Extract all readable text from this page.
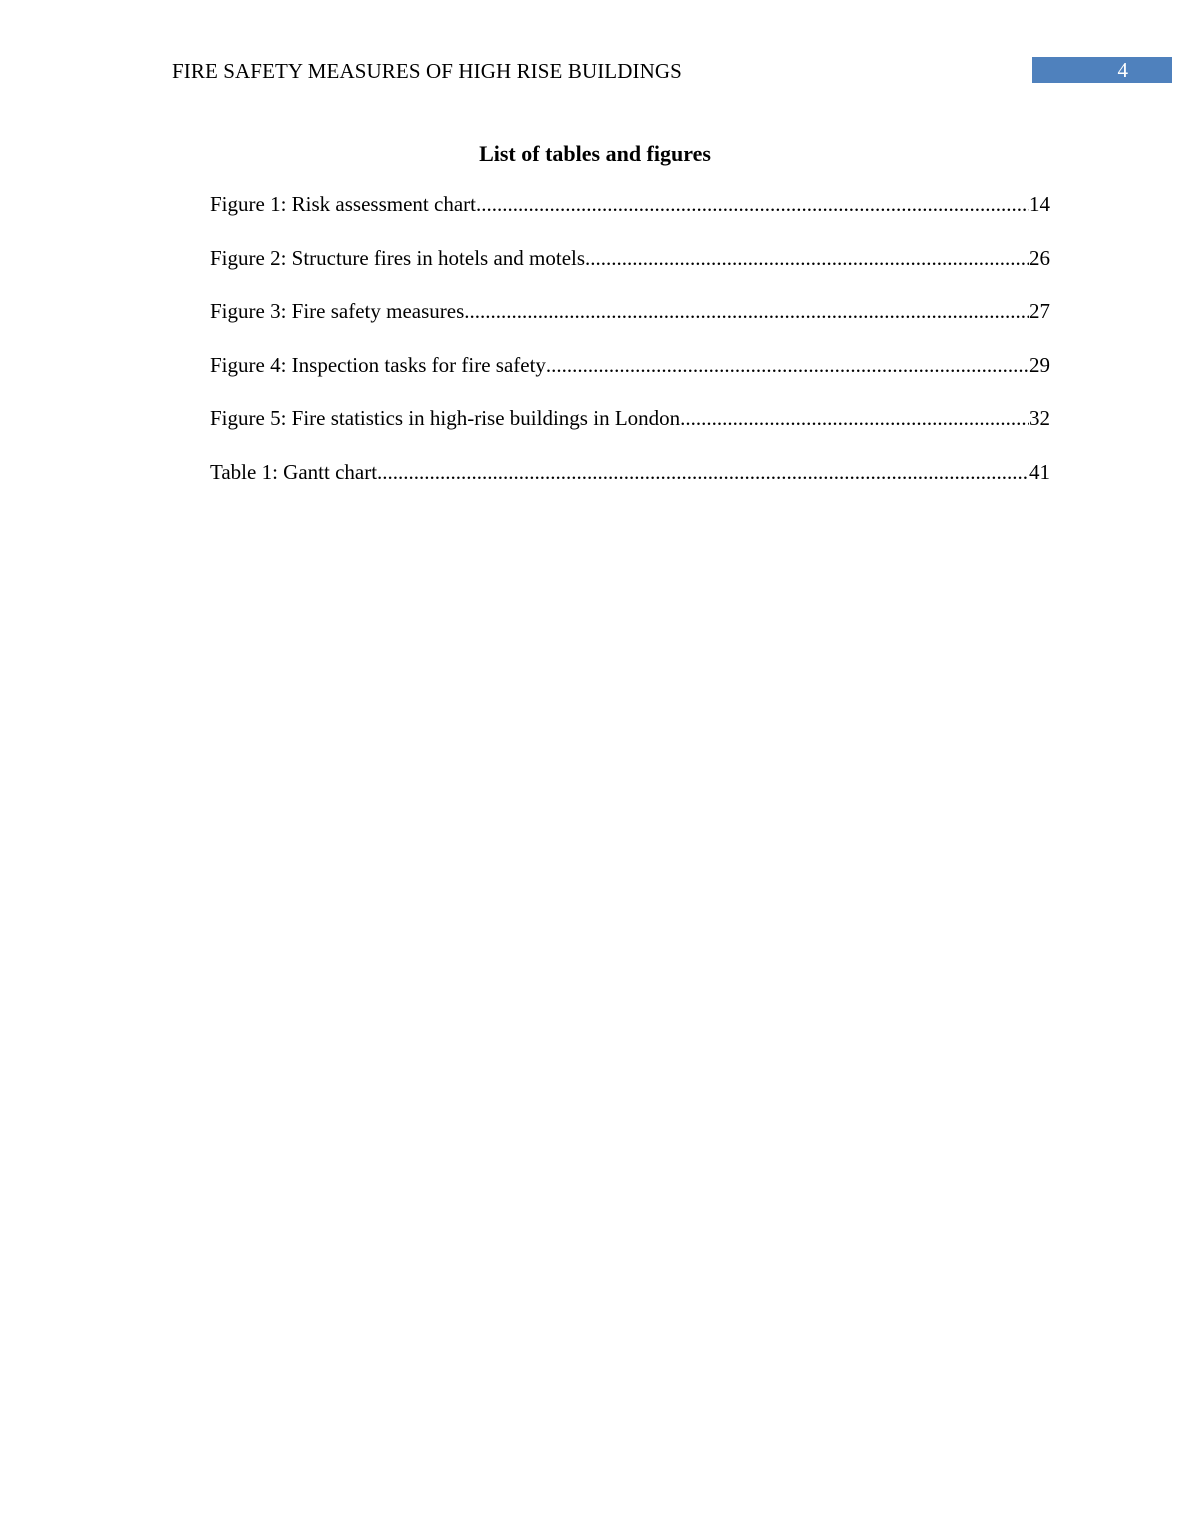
FIRE SAFETY MEASURES OF HIGH RISE BUILDINGS	4
List of tables and figures
Figure 1: Risk assessment chart .....	14
Figure 2: Structure fires in hotels and motels .....	26
Figure 3: Fire safety measures .....	27
Figure 4: Inspection tasks for fire safety .....	29
Figure 5: Fire statistics in high-rise buildings in London .....	32
Table 1: Gantt chart .....	41
